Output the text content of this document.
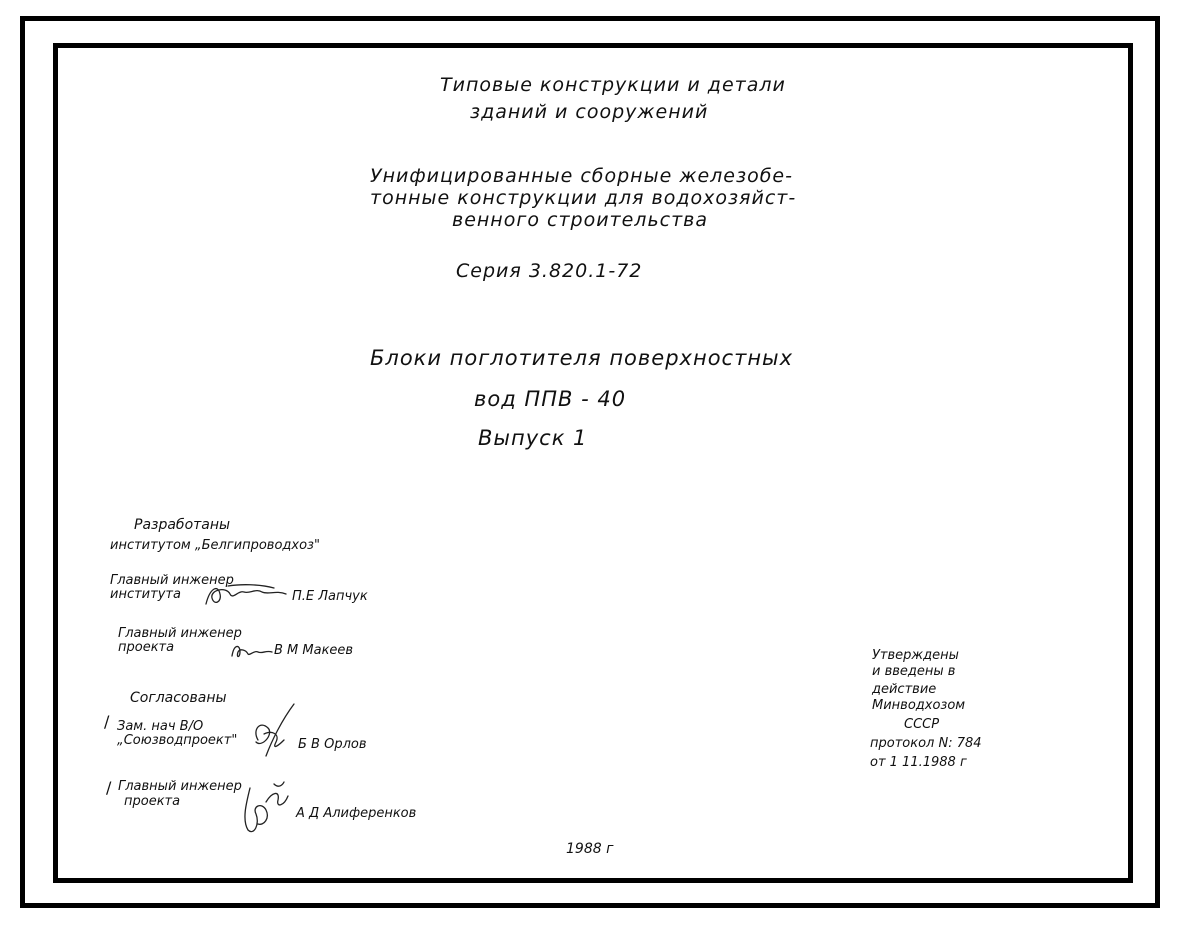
Типовые конструкции и детали
зданий и сооружений
Унифицированные сборные железобе-
тонные конструкции для водохозяйст-
венного строительства
Серия 3.820.1-72
Блоки поглотителя поверхностных
вод ППВ - 40
Выпуск 1
Разработаны
институтом „Белгипроводхоз"
Главный инженер
института	П.Е Лапчук
Главный инженер
проекта	В М Макеев
Согласованы
/ Зам. нач В/О
„Союзводпроект"	Б В Орлов
/ Главный инженер
проекта
А Д Алиференков
Утверждены
и введены в
действие
Минводхозом
СССР
протокол N: 784
от 1 11.1988 г
1988 г
